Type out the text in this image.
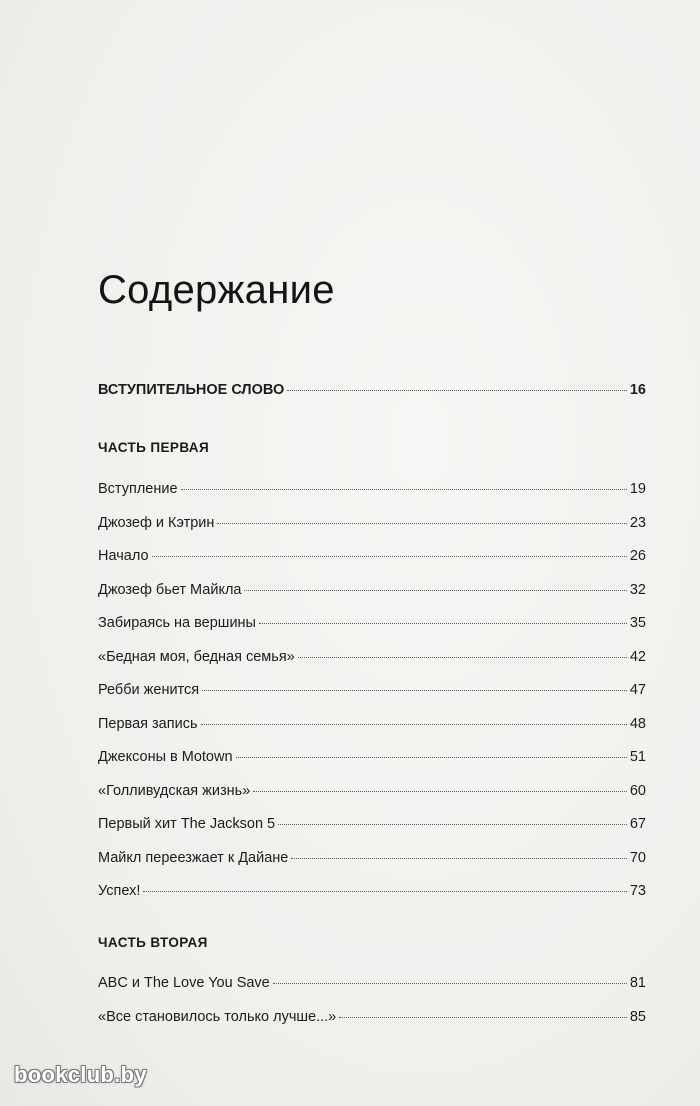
Содержание
ВСТУПИТЕЛЬНОЕ СЛОВО	16
ЧАСТЬ ПЕРВАЯ
Вступление	19
Джозеф и Кэтрин	23
Начало	26
Джозеф бьет Майкла	32
Забираясь на вершины	35
«Бедная моя, бедная семья»	42
Ребби женится	47
Первая запись	48
Джексоны в Motown	51
«Голливудская жизнь»	60
Первый хит The Jackson 5	67
Майкл переезжает к Дайане	70
Успех!	73
ЧАСТЬ ВТОРАЯ
ABC и The Love You Save	81
«Все становилось только лучше...»	85
bookclub.by
